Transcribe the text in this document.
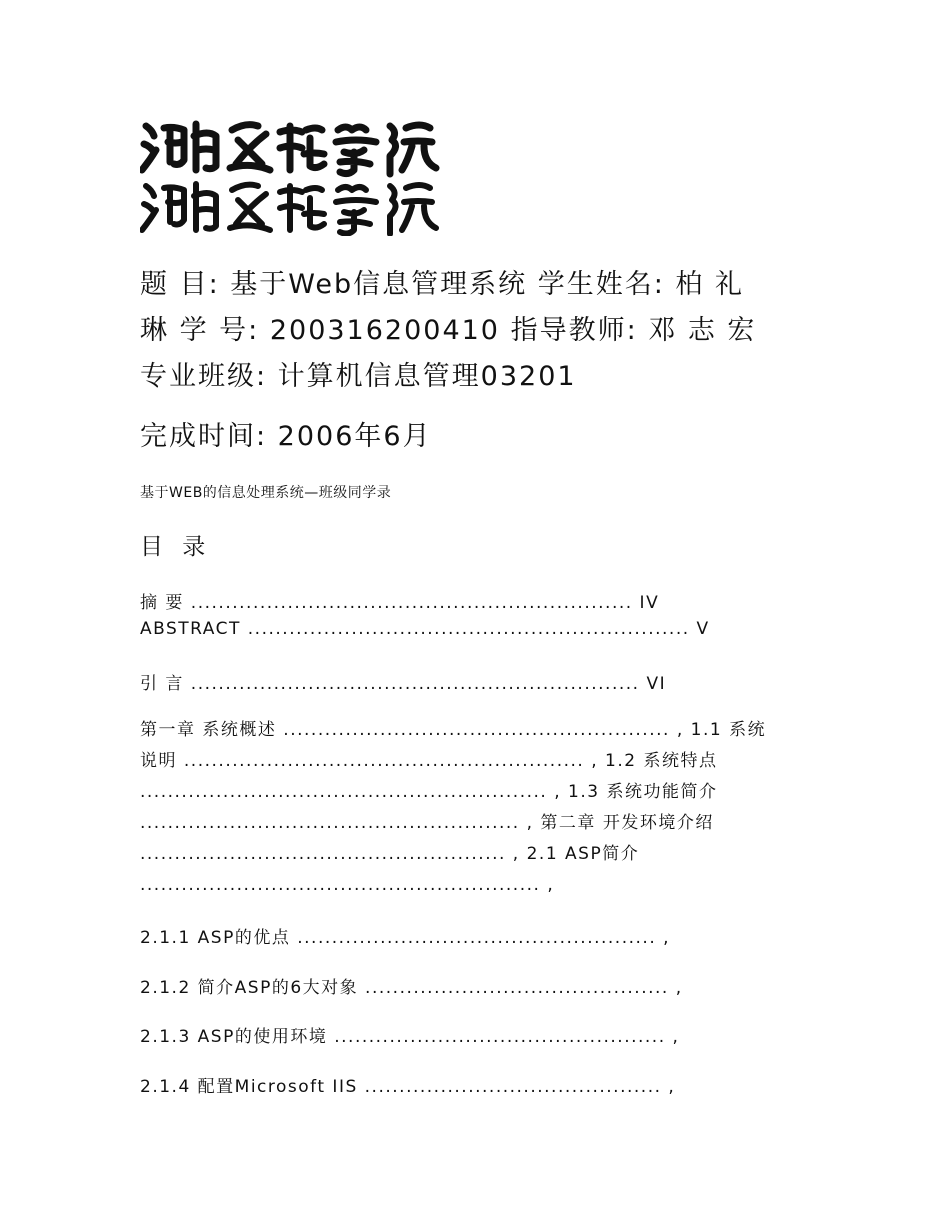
题 目: 基于Web信息管理系统 学生姓名: 柏 礼
琳 学 号: 200316200410 指导教师: 邓 志 宏
专业班级: 计算机信息管理03201
完成时间: 2006年6月

基于WEB的信息处理系统—班级同学录

目 录
摘 要 ................................................................ IV
ABSTRACT ................................................................ V
引 言 ................................................................. VI
第一章 系统概述 ........................................................ , 1.1 系统
说明 .......................................................... , 1.2 系统特点
........................................................... , 1.3 系统功能简介
....................................................... , 第二章 开发环境介绍
..................................................... , 2.1 ASP简介
.......................................................... ,
2.1.1 ASP的优点 .................................................... ,
2.1.2 简介ASP的6大对象 ............................................ ,
2.1.3 ASP的使用环境 ................................................ ,
2.1.4 配置Microsoft IIS ........................................... ,
